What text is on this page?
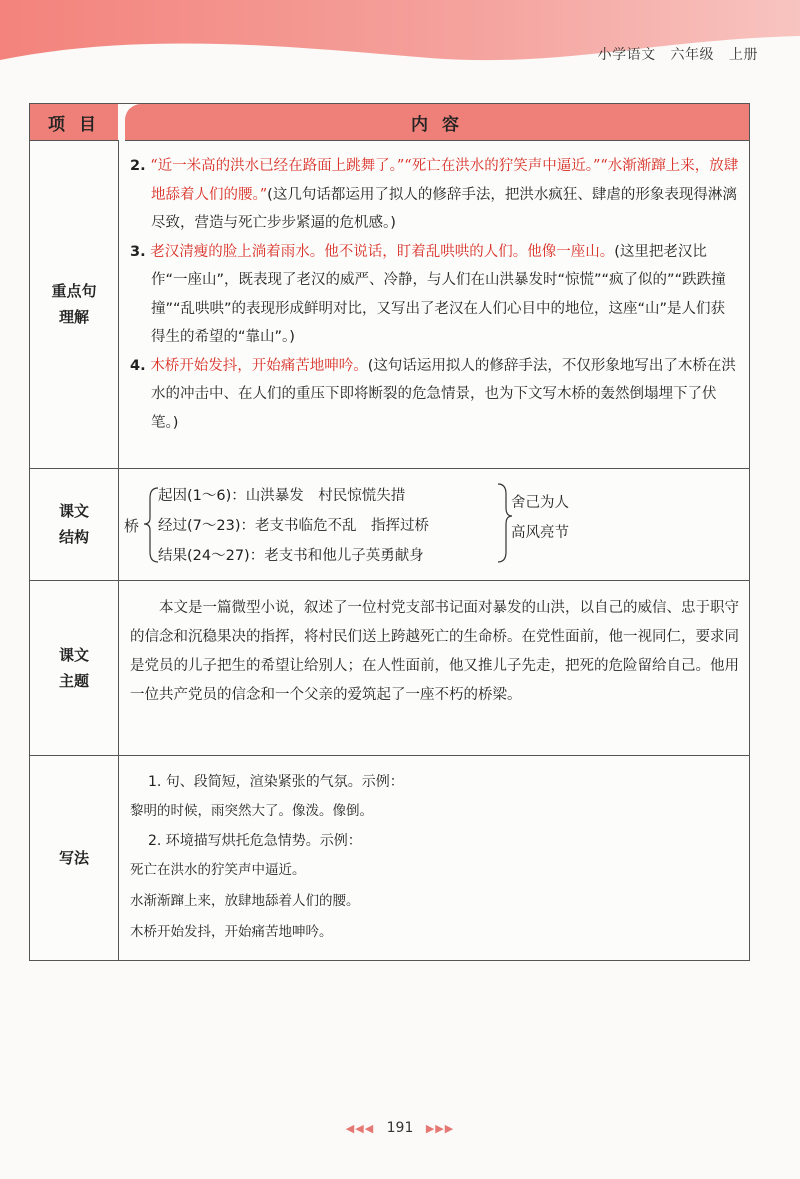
小学语文 六年级 上册
项 目	内 容
重点句
理解
2. “近一米高的洪水已经在路面上跳舞了。”“死亡在洪水的狞笑声中逼近。”“水渐渐蹿上来，放肆地舔着人们的腰。”(这几句话都运用了拟人的修辞手法，把洪水疯狂、肆虐的形象表现得淋漓尽致，营造与死亡步步紧逼的危机感。)
3. 老汉清瘦的脸上淌着雨水。他不说话，盯着乱哄哄的人们。他像一座山。(这里把老汉比作“一座山”，既表现了老汉的威严、冷静，与人们在山洪暴发时“惊慌”“疯了似的”“跌跌撞撞”“乱哄哄”的表现形成鲜明对比，又写出了老汉在人们心目中的地位，这座“山”是人们获得生的希望的“靠山”。)
4. 木桥开始发抖，开始痛苦地呻吟。(这句话运用拟人的修辞手法，不仅形象地写出了木桥在洪水的冲击中、在人们的重压下即将断裂的危急情景，也为下文写木桥的轰然倒塌埋下了伏笔。)
课文
结构
桥
起因(1～6)：山洪暴发　村民惊慌失措
经过(7～23)：老支书临危不乱　指挥过桥
结果(24～27)：老支书和他儿子英勇献身
舍己为人
高风亮节
课文
主题
本文是一篇微型小说，叙述了一位村党支部书记面对暴发的山洪，以自己的威信、忠于职守的信念和沉稳果决的指挥，将村民们送上跨越死亡的生命桥。在党性面前，他一视同仁，要求同是党员的儿子把生的希望让给别人；在人性面前，他又推儿子先走，把死的危险留给自己。他用一位共产党员的信念和一个父亲的爱筑起了一座不朽的桥梁。
写法
1. 句、段简短，渲染紧张的气氛。示例：
黎明的时候，雨突然大了。像泼。像倒。
2. 环境描写烘托危急情势。示例：
死亡在洪水的狞笑声中逼近。
水渐渐蹿上来，放肆地舔着人们的腰。
木桥开始发抖，开始痛苦地呻吟。
◀◀◀ 191 ▶▶▶
